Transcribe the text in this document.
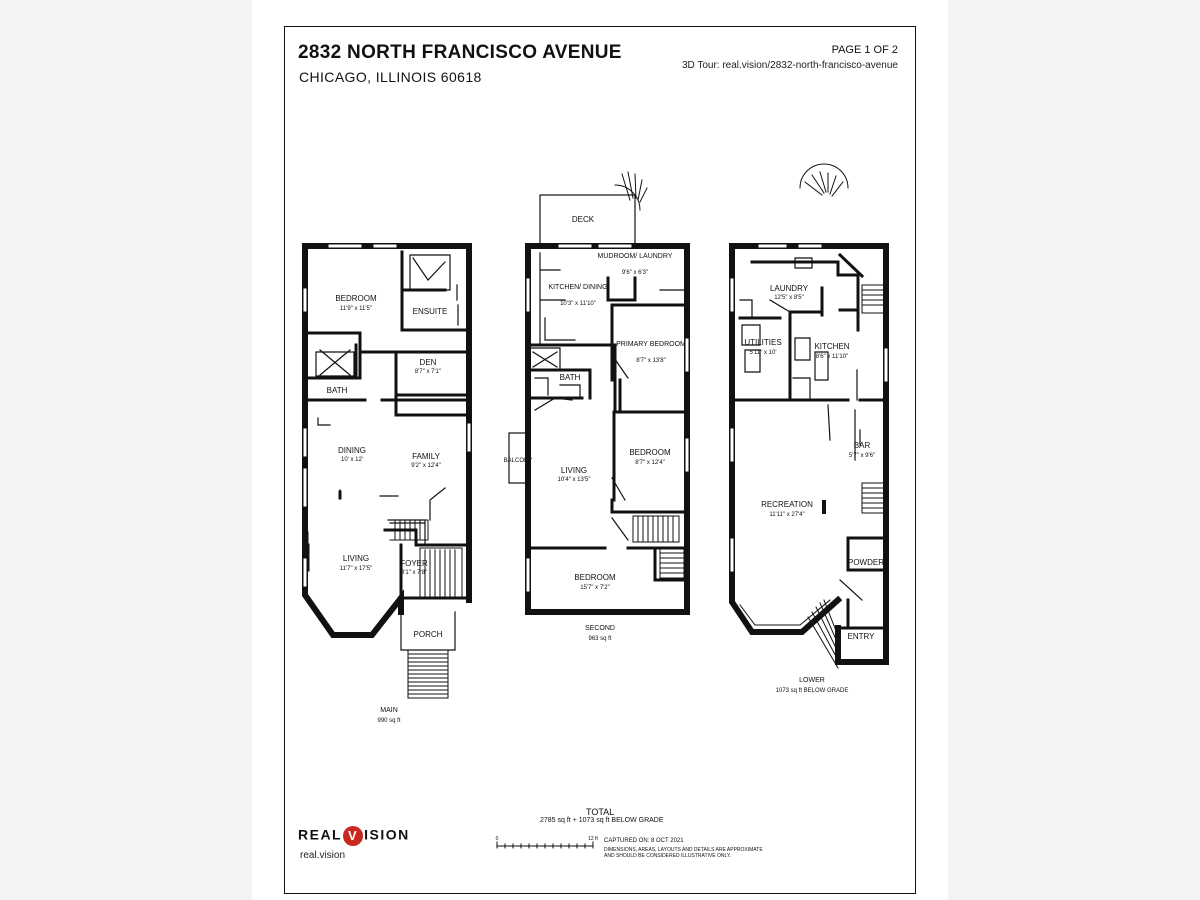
2832 NORTH FRANCISCO AVENUE
CHICAGO, ILLINOIS 60618
PAGE 1 OF 2
3D Tour: real.vision/2832-north-francisco-avenue
BEDROOM
11'9" x 11'5"	ENSUITE
DEN
8'7" x 7'1"
BATH
DINING
10' x 12'	FAMILY
9'2" x 12'4"
LIVING
11'7" x 17'5"
FOYER
3'1" x 7'8"
PORCH
MAIN
990 sq ft
DECK
MUDROOM/ LAUNDRY
9'6" x 6'3"
KITCHEN/ DINING
10'3" x 11'10"
PRIMARY BEDROOM
8'7" x 13'8"
BATH
BALCONY
LIVING
10'4" x 13'5"
BEDROOM
8'7" x 12'4"
BEDROOM
15'7" x 7'2"
SECOND
963 sq ft
LAUNDRY
12'5" x 8'5"
UTILITIES
5'11" x 10'
KITCHEN
8'6" x 11'10"
BAR
5'7" x 9'6"
RECREATION
11'11" x 27'4"
POWDER
ENTRY
LOWER
1073 sq ft BELOW GRADE
0	12 ft
TOTAL
2785 sq ft + 1073 sq ft BELOW GRADE
CAPTURED ON: 8 OCT 2021
DIMENSIONS, AREAS, LAYOUTS AND DETAILS ARE APPROXIMATE
AND SHOULD BE CONSIDERED ILLUSTRATIVE ONLY.
REAL V ISION
real.vision
